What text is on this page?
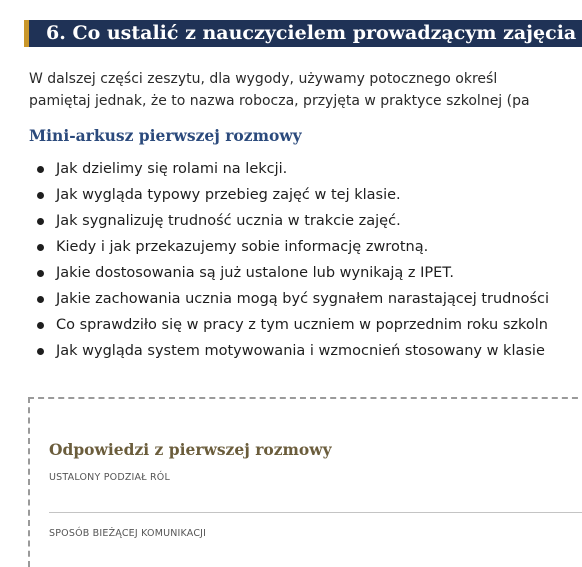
6. Co ustalić z nauczycielem prowadzącym zajęcia
W dalszej części zeszytu, dla wygody, używamy potocznego określ
pamiętaj jednak, że to nazwa robocza, przyjęta w praktyce szkolnej (pa
Mini-arkusz pierwszej rozmowy
Jak dzielimy się rolami na lekcji.
Jak wygląda typowy przebieg zajęć w tej klasie.
Jak sygnalizuję trudność ucznia w trakcie zajęć.
Kiedy i jak przekazujemy sobie informację zwrotną.
Jakie dostosowania są już ustalone lub wynikają z IPET.
Jakie zachowania ucznia mogą być sygnałem narastającej trudności
Co sprawdziło się w pracy z tym uczniem w poprzednim roku szkoln
Jak wygląda system motywowania i wzmocnień stosowany w klasie
Odpowiedzi z pierwszej rozmowy
USTALONY PODZIAŁ RÓL
SPOSÓB BIEŻĄCEJ KOMUNIKACJI
